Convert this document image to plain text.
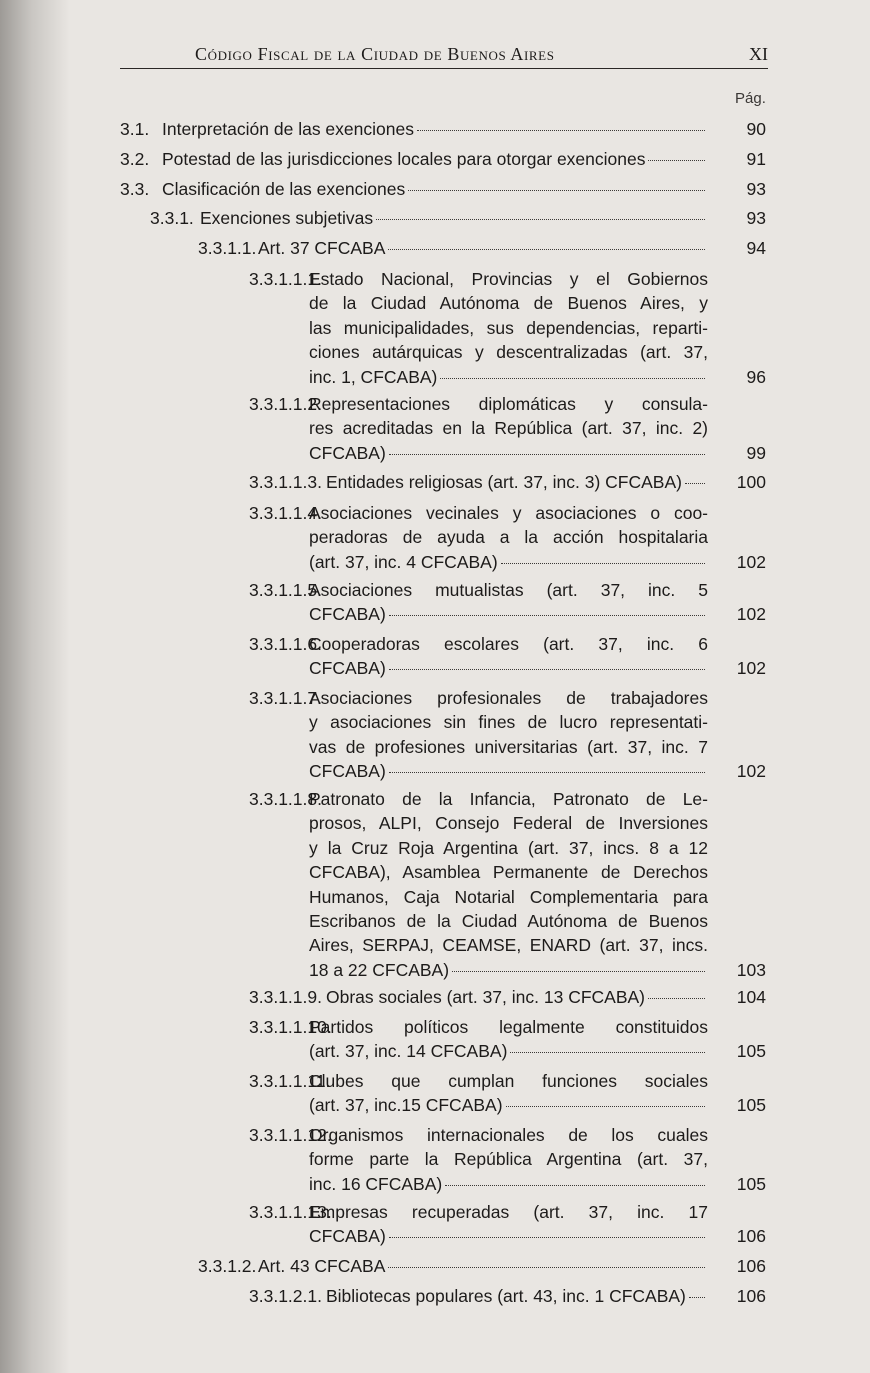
Código Fiscal de la Ciudad de Buenos Aires	XI
Pág.
3.1. Interpretación de las exenciones	90
3.2. Potestad de las jurisdicciones locales para otorgar exenciones	91
3.3. Clasificación de las exenciones	93
3.3.1. Exenciones subjetivas	93
3.3.1.1. Art. 37 CFCABA	94
3.3.1.1.1.
Estado Nacional, Provincias y el Gobiernos
de la Ciudad Autónoma de Buenos Aires, y
las municipalidades, sus dependencias, reparti-
ciones autárquicas y descentralizadas (art. 37,
inc. 1, CFCABA)	96
3.3.1.1.2.
Representaciones diplomáticas y consula-
res acreditadas en la República (art. 37, inc. 2)
CFCABA)	99
3.3.1.1.3. Entidades religiosas (art. 37, inc. 3) CFCABA)	100
3.3.1.1.4.
Asociaciones vecinales y asociaciones o coo-
peradoras de ayuda a la acción hospitalaria
(art. 37, inc. 4 CFCABA)	102
3.3.1.1.5.
Asociaciones mutualistas (art. 37, inc. 5
CFCABA)	102
3.3.1.1.6.
Cooperadoras escolares (art. 37, inc. 6
CFCABA)	102
3.3.1.1.7.
Asociaciones profesionales de trabajadores
y asociaciones sin fines de lucro representati-
vas de profesiones universitarias (art. 37, inc. 7
CFCABA)	102
3.3.1.1.8.
Patronato de la Infancia, Patronato de Le-
prosos, ALPI, Consejo Federal de Inversiones
y la Cruz Roja Argentina (art. 37, incs. 8 a 12
CFCABA), Asamblea Permanente de Derechos
Humanos, Caja Notarial Complementaria para
Escribanos de la Ciudad Autónoma de Buenos
Aires, SERPAJ, CEAMSE, ENARD (art. 37, incs.
18 a 22 CFCABA)	103
3.3.1.1.9. Obras sociales (art. 37, inc. 13 CFCABA)	104
3.3.1.1.10.
Partidos políticos legalmente constituidos
(art. 37, inc. 14 CFCABA)	105
3.3.1.1.11.
Clubes que cumplan funciones sociales
(art. 37, inc.15 CFCABA)	105
3.3.1.1.12.
Organismos internacionales de los cuales
forme parte la República Argentina (art. 37,
inc. 16 CFCABA)	105
3.3.1.1.13.
Empresas recuperadas (art. 37, inc. 17
CFCABA)	106
3.3.1.2. Art. 43 CFCABA	106
3.3.1.2.1. Bibliotecas populares (art. 43, inc. 1 CFCABA)	106
